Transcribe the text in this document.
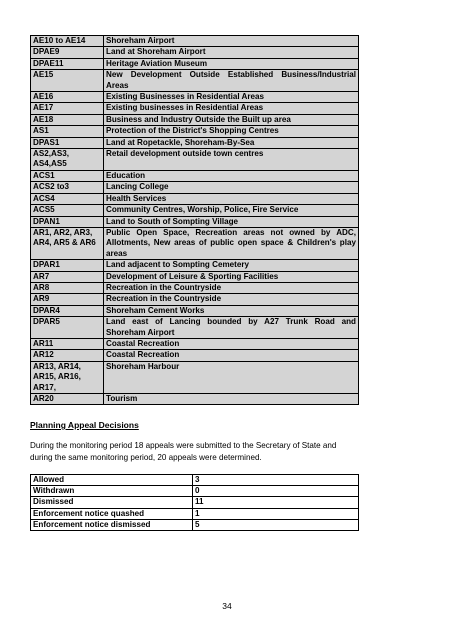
AE10 to AE14	Shoreham Airport
DPAE9	Land at Shoreham Airport
DPAE11	Heritage Aviation Museum
AE15	New Development Outside Established Business/Industrial Areas
AE16	Existing Businesses in Residential Areas
AE17	Existing businesses in Residential Areas
AE18	Business and Industry Outside the Built up area
AS1	Protection of the District's Shopping Centres
DPAS1	Land at Ropetackle, Shoreham-By-Sea
AS2,AS3, AS4,AS5	Retail development outside town centres
ACS1	Education
ACS2 to3	Lancing College
ACS4	Health Services
ACS5	Community Centres, Worship, Police, Fire Service
DPAN1	Land to South of Sompting Village
AR1, AR2, AR3, AR4, AR5 & AR6	Public Open Space, Recreation areas not owned by ADC, Allotments, New areas of public open space & Children's play areas
DPAR1	Land adjacent to Sompting Cemetery
AR7	Development of Leisure & Sporting Facilities
AR8	Recreation in the Countryside
AR9	Recreation in the Countryside
DPAR4	Shoreham Cement Works
DPAR5	Land east of Lancing bounded by A27 Trunk Road and Shoreham Airport
AR11	Coastal Recreation
AR12	Coastal Recreation
AR13, AR14, AR15, AR16, AR17,	Shoreham Harbour
AR20	Tourism
Planning Appeal Decisions

During the monitoring period 18 appeals were submitted to the Secretary of State and during the same monitoring period, 20 appeals were determined.

Allowed	3
Withdrawn	0
Dismissed	11
Enforcement notice quashed	1
Enforcement notice dismissed	5
34
